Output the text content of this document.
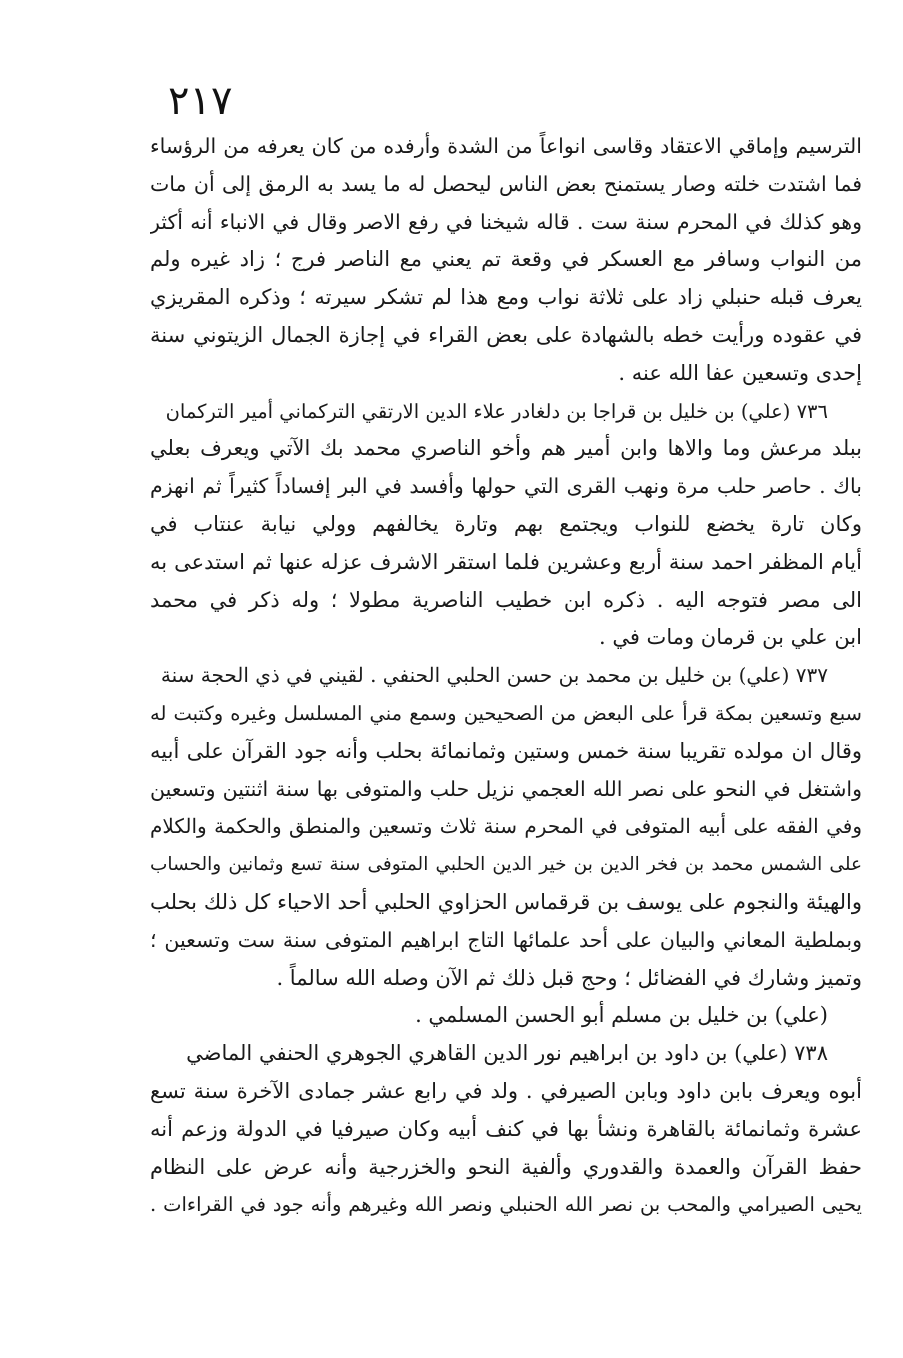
٢١٧
الترسيم وإماقي الاعتقاد وقاسى انواعاً من الشدة وأرفده من كان يعرفه من الرؤساء
فما اشتدت خلته وصار يستمنح بعض الناس ليحصل له ما يسد به الرمق إلى أن مات
وهو كذلك في المحرم سنة ست . قاله شيخنا في رفع الاصر وقال في الانباء أنه أكثر
من النواب وسافر مع العسكر في وقعة تم يعني مع الناصر فرج ؛ زاد غيره ولم
يعرف قبله حنبلي زاد على ثلاثة نواب ومع هذا لم تشكر سيرته ؛ وذكره المقريزي
في عقوده ورأيت خطه بالشهادة على بعض القراء في إجازة الجمال الزيتوني سنة
إحدى وتسعين عفا الله عنه .
٧٣٦ (علي) بن خليل بن قراجا بن دلغادر علاء الدين الارتقي التركماني أمير التركمان
ببلد مرعش وما والاها وابن أمير هم وأخو الناصري محمد بك الآتي ويعرف بعلي
باك . حاصر حلب مرة ونهب القرى التي حولها وأفسد في البر إفساداً كثيراً ثم انهزم
وكان تارة يخضع للنواب ويجتمع بهم وتارة يخالفهم وولي نيابة عنتاب في
أيام المظفر احمد سنة أربع وعشرين فلما استقر الاشرف عزله عنها ثم استدعى به
الى مصر فتوجه اليه . ذكره ابن خطيب الناصرية مطولا ؛ وله ذكر في محمد
ابن علي بن قرمان ومات في .
٧٣٧ (علي) بن خليل بن محمد بن حسن الحلبي الحنفي . لقيني في ذي الحجة سنة
سبع وتسعين بمكة قرأ على البعض من الصحيحين وسمع مني المسلسل وغيره وكتبت له
وقال ان مولده تقريبا سنة خمس وستين وثمانمائة بحلب وأنه جود القرآن على أبيه
واشتغل في النحو على نصر الله العجمي نزيل حلب والمتوفى بها سنة اثنتين وتسعين
وفي الفقه على أبيه المتوفى في المحرم سنة ثلاث وتسعين والمنطق والحكمة والكلام
على الشمس محمد بن فخر الدين بن خير الدين الحلبي المتوفى سنة تسع وثمانين والحساب
والهيئة والنجوم على يوسف بن قرقماس الحزاوي الحلبي أحد الاحياء كل ذلك بحلب
وبملطية المعاني والبيان على أحد علمائها التاج ابراهيم المتوفى سنة ست وتسعين ؛
وتميز وشارك في الفضائل ؛ وحج قبل ذلك ثم الآن وصله الله سالماً .
(علي) بن خليل بن مسلم أبو الحسن المسلمي .
٧٣٨ (علي) بن داود بن ابراهيم نور الدين القاهري الجوهري الحنفي الماضي
أبوه ويعرف بابن داود وبابن الصيرفي . ولد في رابع عشر جمادى الآخرة سنة تسع
عشرة وثمانمائة بالقاهرة ونشأ بها في كنف أبيه وكان صيرفيا في الدولة وزعم أنه
حفظ القرآن والعمدة والقدوري وألفية النحو والخزرجية وأنه عرض على النظام
يحيى الصيرامي والمحب بن نصر الله الحنبلي ونصر الله وغيرهم وأنه جود في القراءات .
